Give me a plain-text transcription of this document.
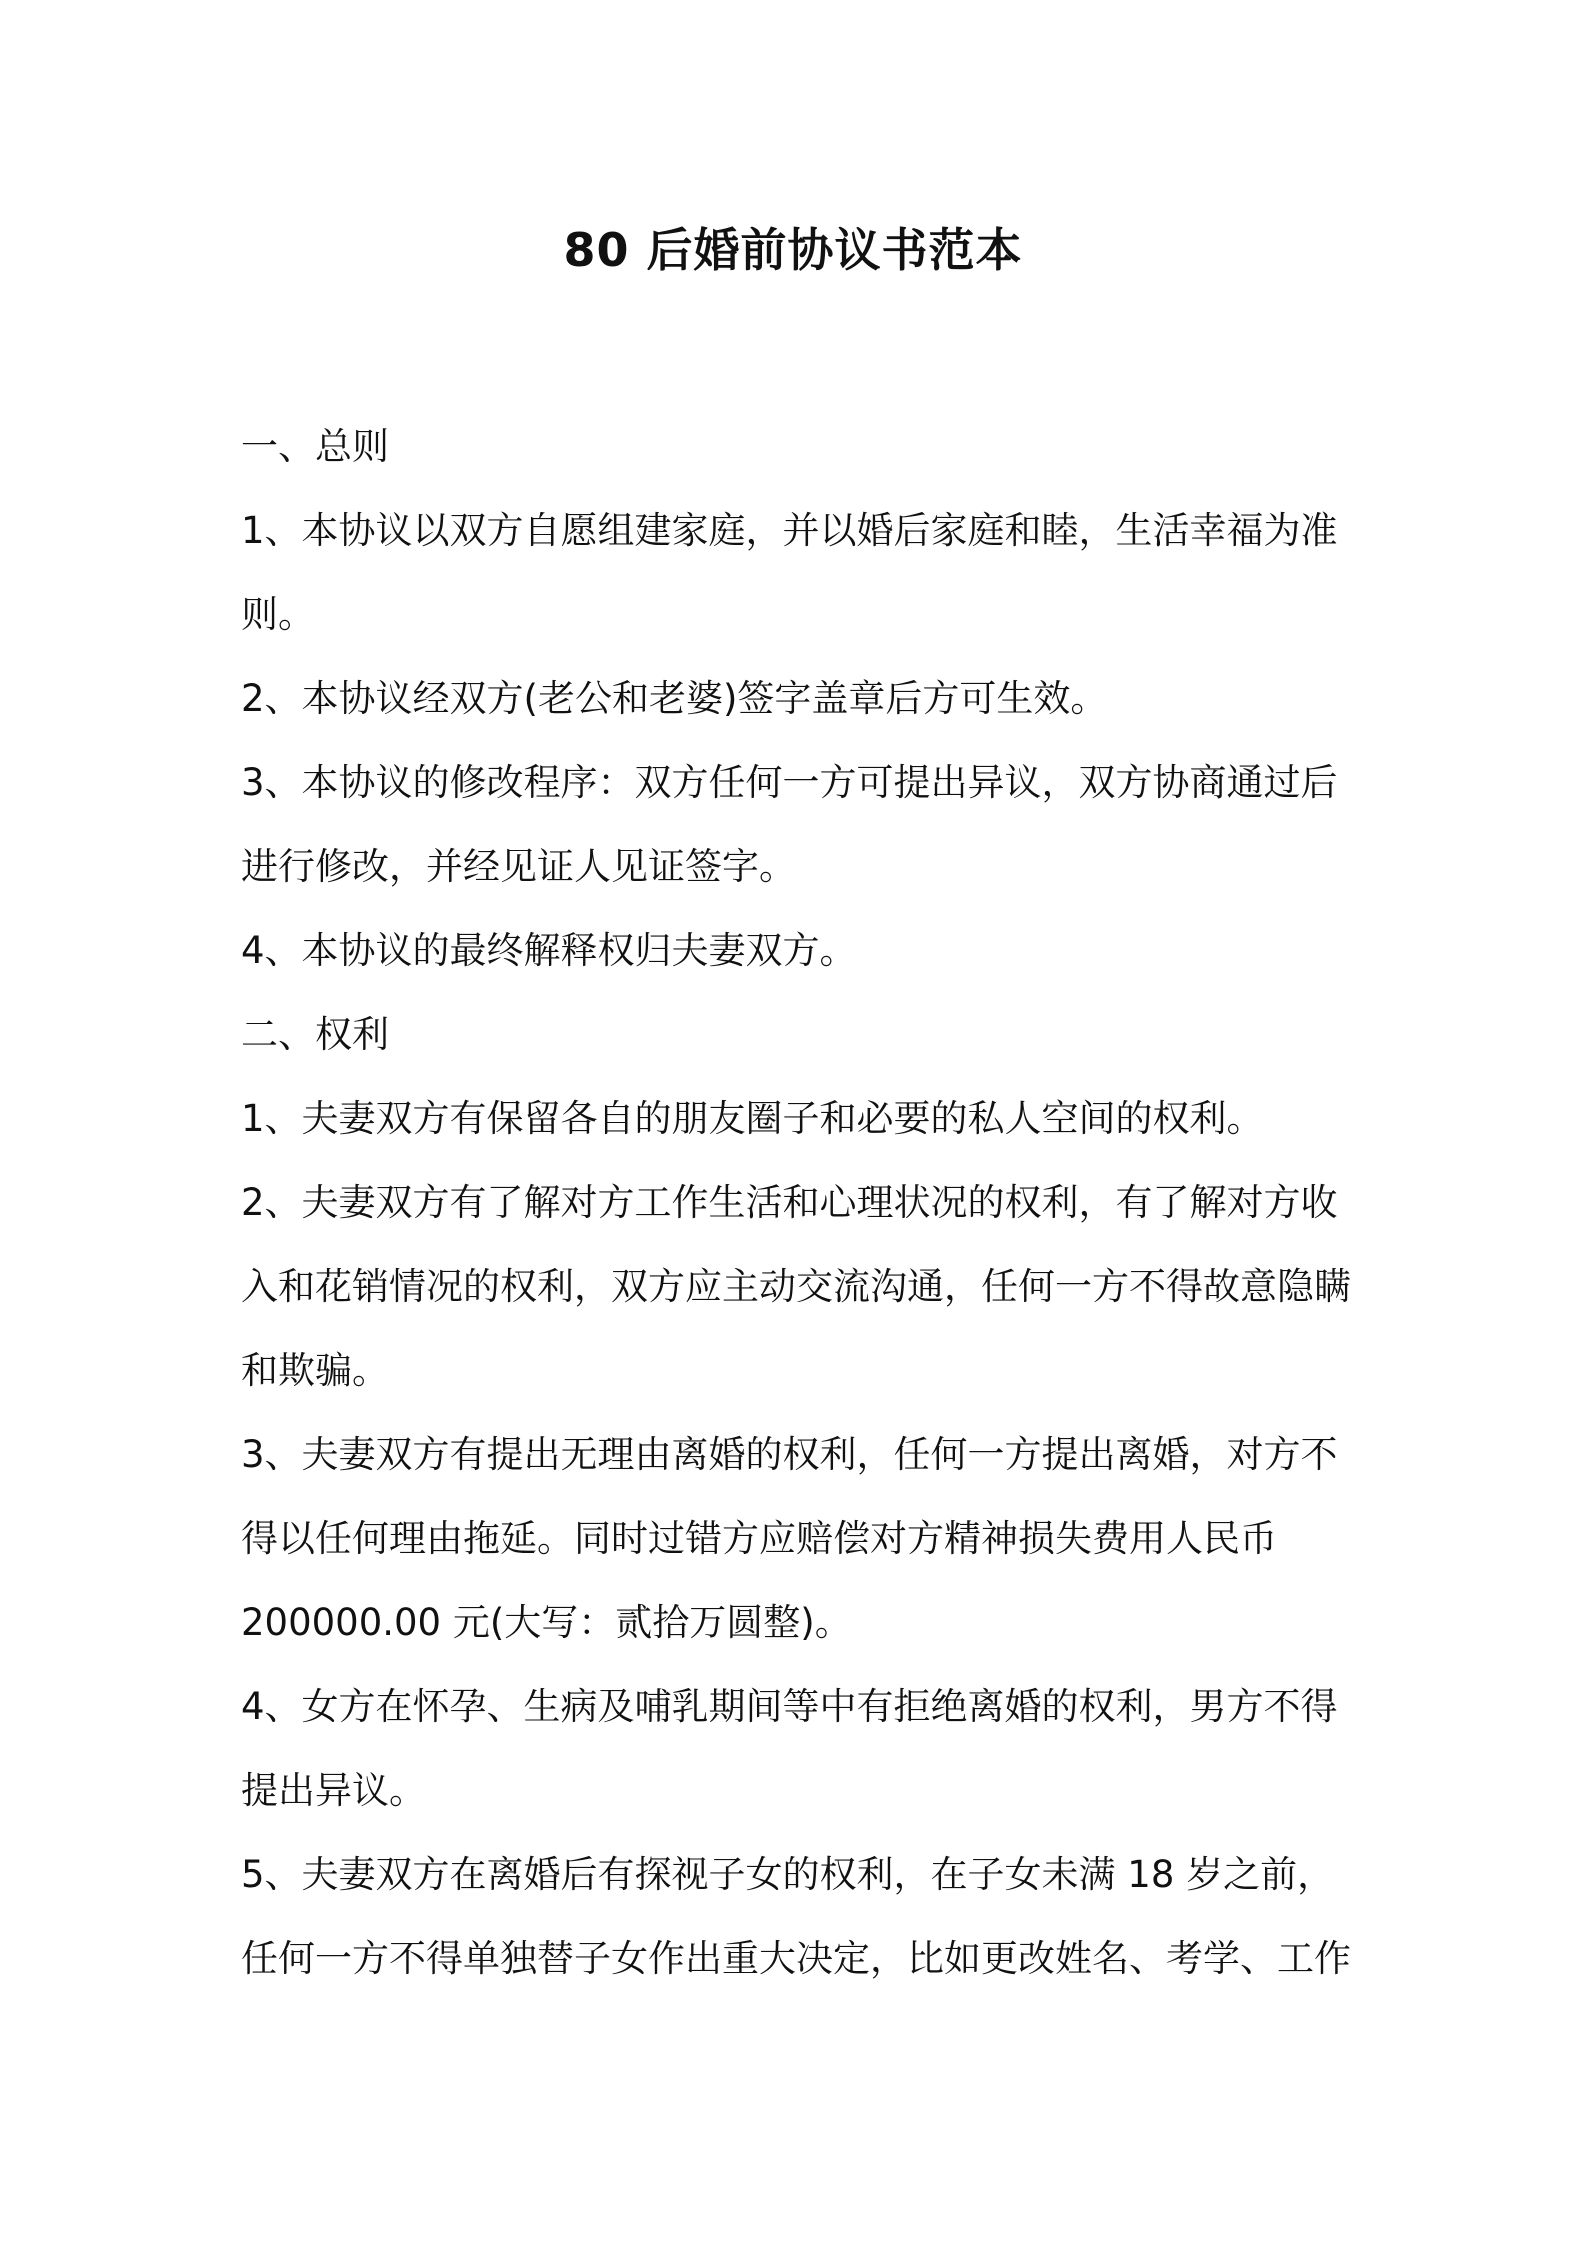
80 后婚前协议书范本

一、总则

1、本协议以双方自愿组建家庭，并以婚后家庭和睦，生活幸福为准

则。

2、本协议经双方(老公和老婆)签字盖章后方可生效。

3、本协议的修改程序：双方任何一方可提出异议，双方协商通过后

进行修改，并经见证人见证签字。

4、本协议的最终解释权归夫妻双方。

二、权利

1、夫妻双方有保留各自的朋友圈子和必要的私人空间的权利。

2、夫妻双方有了解对方工作生活和心理状况的权利，有了解对方收

入和花销情况的权利，双方应主动交流沟通，任何一方不得故意隐瞒

和欺骗。

3、夫妻双方有提出无理由离婚的权利，任何一方提出离婚，对方不

得以任何理由拖延。同时过错方应赔偿对方精神损失费用人民币

200000.00 元(大写：贰拾万圆整)。

4、女方在怀孕、生病及哺乳期间等中有拒绝离婚的权利，男方不得

提出异议。

5、夫妻双方在离婚后有探视子女的权利，在子女未满 18 岁之前，

任何一方不得单独替子女作出重大决定，比如更改姓名、考学、工作
